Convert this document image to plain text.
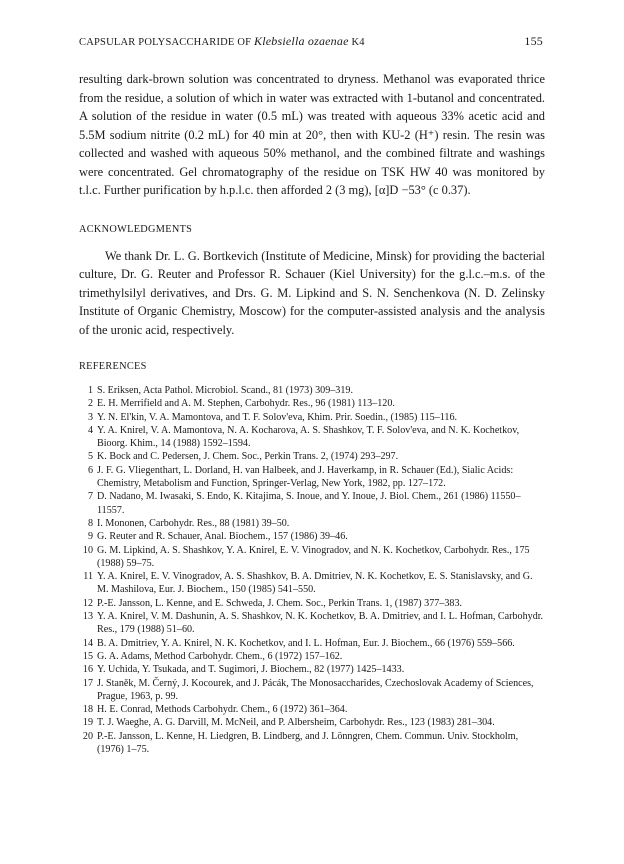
CAPSULAR POLYSACCHARIDE OF Klebsiella ozaenae K4	155

resulting dark-brown solution was concentrated to dryness. Methanol was evaporated thrice from the residue, a solution of which in water was extracted with 1-butanol and concentrated. A solution of the residue in water (0.5 mL) was treated with aqueous 33% acetic acid and 5.5M sodium nitrite (0.2 mL) for 40 min at 20°, then with KU-2 (H⁺) resin. The resin was collected and washed with aqueous 50% methanol, and the combined filtrate and washings were concentrated. Gel chromatography of the residue on TSK HW 40 was monitored by t.l.c. Further purification by h.p.l.c. then afforded 2 (3 mg), [α]D −53° (c 0.37).

ACKNOWLEDGMENTS
We thank Dr. L. G. Bortkevich (Institute of Medicine, Minsk) for providing the bacterial culture, Dr. G. Reuter and Professor R. Schauer (Kiel University) for the g.l.c.–m.s. of the trimethylsilyl derivatives, and Drs. G. M. Lipkind and S. N. Senchenkova (N. D. Zelinsky Institute of Organic Chemistry, Moscow) for the computer-assisted analysis and the analysis of the uronic acid, respectively.
REFERENCES
1 S. Eriksen, Acta Pathol. Microbiol. Scand., 81 (1973) 309–319.
2 E. H. Merrifield and A. M. Stephen, Carbohydr. Res., 96 (1981) 113–120.
3 Y. N. El'kin, V. A. Mamontova, and T. F. Solov'eva, Khim. Prir. Soedin., (1985) 115–116.
4 Y. A. Knirel, V. A. Mamontova, N. A. Kocharova, A. S. Shashkov, T. F. Solov'eva, and N. K. Kochetkov, Bioorg. Khim., 14 (1988) 1592–1594.
5 K. Bock and C. Pedersen, J. Chem. Soc., Perkin Trans. 2, (1974) 293–297.
6 J. F. G. Vliegenthart, L. Dorland, H. van Halbeek, and J. Haverkamp, in R. Schauer (Ed.), Sialic Acids: Chemistry, Metabolism and Function, Springer-Verlag, New York, 1982, pp. 127–172.
7 D. Nadano, M. Iwasaki, S. Endo, K. Kitajima, S. Inoue, and Y. Inoue, J. Biol. Chem., 261 (1986) 11550–11557.
8 I. Mononen, Carbohydr. Res., 88 (1981) 39–50.
9 G. Reuter and R. Schauer, Anal. Biochem., 157 (1986) 39–46.
10 G. M. Lipkind, A. S. Shashkov, Y. A. Knirel, E. V. Vinogradov, and N. K. Kochetkov, Carbohydr. Res., 175 (1988) 59–75.
11 Y. A. Knirel, E. V. Vinogradov, A. S. Shashkov, B. A. Dmitriev, N. K. Kochetkov, E. S. Stanislavsky, and G. M. Mashilova, Eur. J. Biochem., 150 (1985) 541–550.
12 P.-E. Jansson, L. Kenne, and E. Schweda, J. Chem. Soc., Perkin Trans. 1, (1987) 377–383.
13 Y. A. Knirel, V. M. Dashunin, A. S. Shashkov, N. K. Kochetkov, B. A. Dmitriev, and I. L. Hofman, Carbohydr. Res., 179 (1988) 51–60.
14 B. A. Dmitriev, Y. A. Knirel, N. K. Kochetkov, and I. L. Hofman, Eur. J. Biochem., 66 (1976) 559–566.
15 G. A. Adams, Method Carbohydr. Chem., 6 (1972) 157–162.
16 Y. Uchida, Y. Tsukada, and T. Sugimori, J. Biochem., 82 (1977) 1425–1433.
17 J. Staněk, M. Černý, J. Kocourek, and J. Pácák, The Monosaccharides, Czechoslovak Academy of Sciences, Prague, 1963, p. 99.
18 H. E. Conrad, Methods Carbohydr. Chem., 6 (1972) 361–364.
19 T. J. Waeghe, A. G. Darvill, M. McNeil, and P. Albersheim, Carbohydr. Res., 123 (1983) 281–304.
20 P.-E. Jansson, L. Kenne, H. Liedgren, B. Lindberg, and J. Lönngren, Chem. Commun. Univ. Stockholm, (1976) 1–75.
